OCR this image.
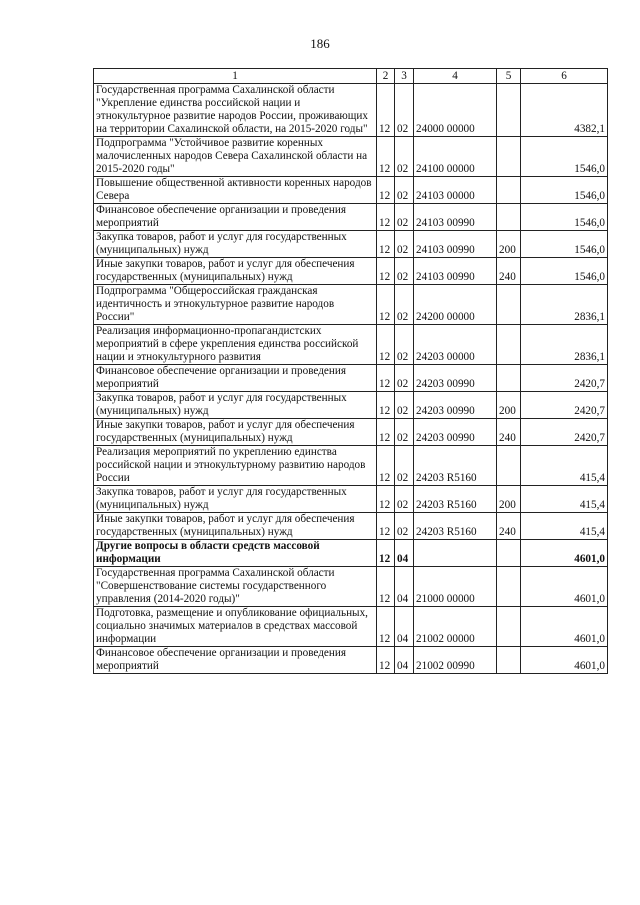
186
1	2	3	4	5	6
Государственная программа Сахалинской области "Укрепление единства российской нации и этнокультурное развитие народов России, проживающих на территории Сахалинской области, на 2015-2020 годы"	12	02	24000 00000		4382,1
Подпрограмма "Устойчивое развитие коренных малочисленных народов Севера Сахалинской области на 2015-2020 годы"	12	02	24100 00000		1546,0
Повышение общественной активности коренных народов Севера	12	02	24103 00000		1546,0
Финансовое обеспечение организации и проведения мероприятий	12	02	24103 00990		1546,0
Закупка товаров, работ и услуг для государственных (муниципальных) нужд	12	02	24103 00990	200	1546,0
Иные закупки товаров, работ и услуг для обеспечения государственных (муниципальных) нужд	12	02	24103 00990	240	1546,0
Подпрограмма "Общероссийская гражданская идентичность и этнокультурное развитие народов России"	12	02	24200 00000		2836,1
Реализация информационно-пропагандистских мероприятий в сфере укрепления единства российской нации и этнокультурного развития	12	02	24203 00000		2836,1
Финансовое обеспечение организации и проведения мероприятий	12	02	24203 00990		2420,7
Закупка товаров, работ и услуг для государственных (муниципальных) нужд	12	02	24203 00990	200	2420,7
Иные закупки товаров, работ и услуг для обеспечения государственных (муниципальных) нужд	12	02	24203 00990	240	2420,7
Реализация мероприятий по укреплению единства российской нации и этнокультурному развитию народов России	12	02	24203 R5160		415,4
Закупка товаров, работ и услуг для государственных (муниципальных) нужд	12	02	24203 R5160	200	415,4
Иные закупки товаров, работ и услуг для обеспечения государственных (муниципальных) нужд	12	02	24203 R5160	240	415,4
Другие вопросы в области средств массовой информации	12	04			4601,0
Государственная программа Сахалинской области "Совершенствование системы государственного управления (2014-2020 годы)"	12	04	21000 00000		4601,0
Подготовка, размещение и опубликование официальных, социально значимых материалов в средствах массовой информации	12	04	21002 00000		4601,0
Финансовое обеспечение организации и проведения мероприятий	12	04	21002 00990		4601,0
